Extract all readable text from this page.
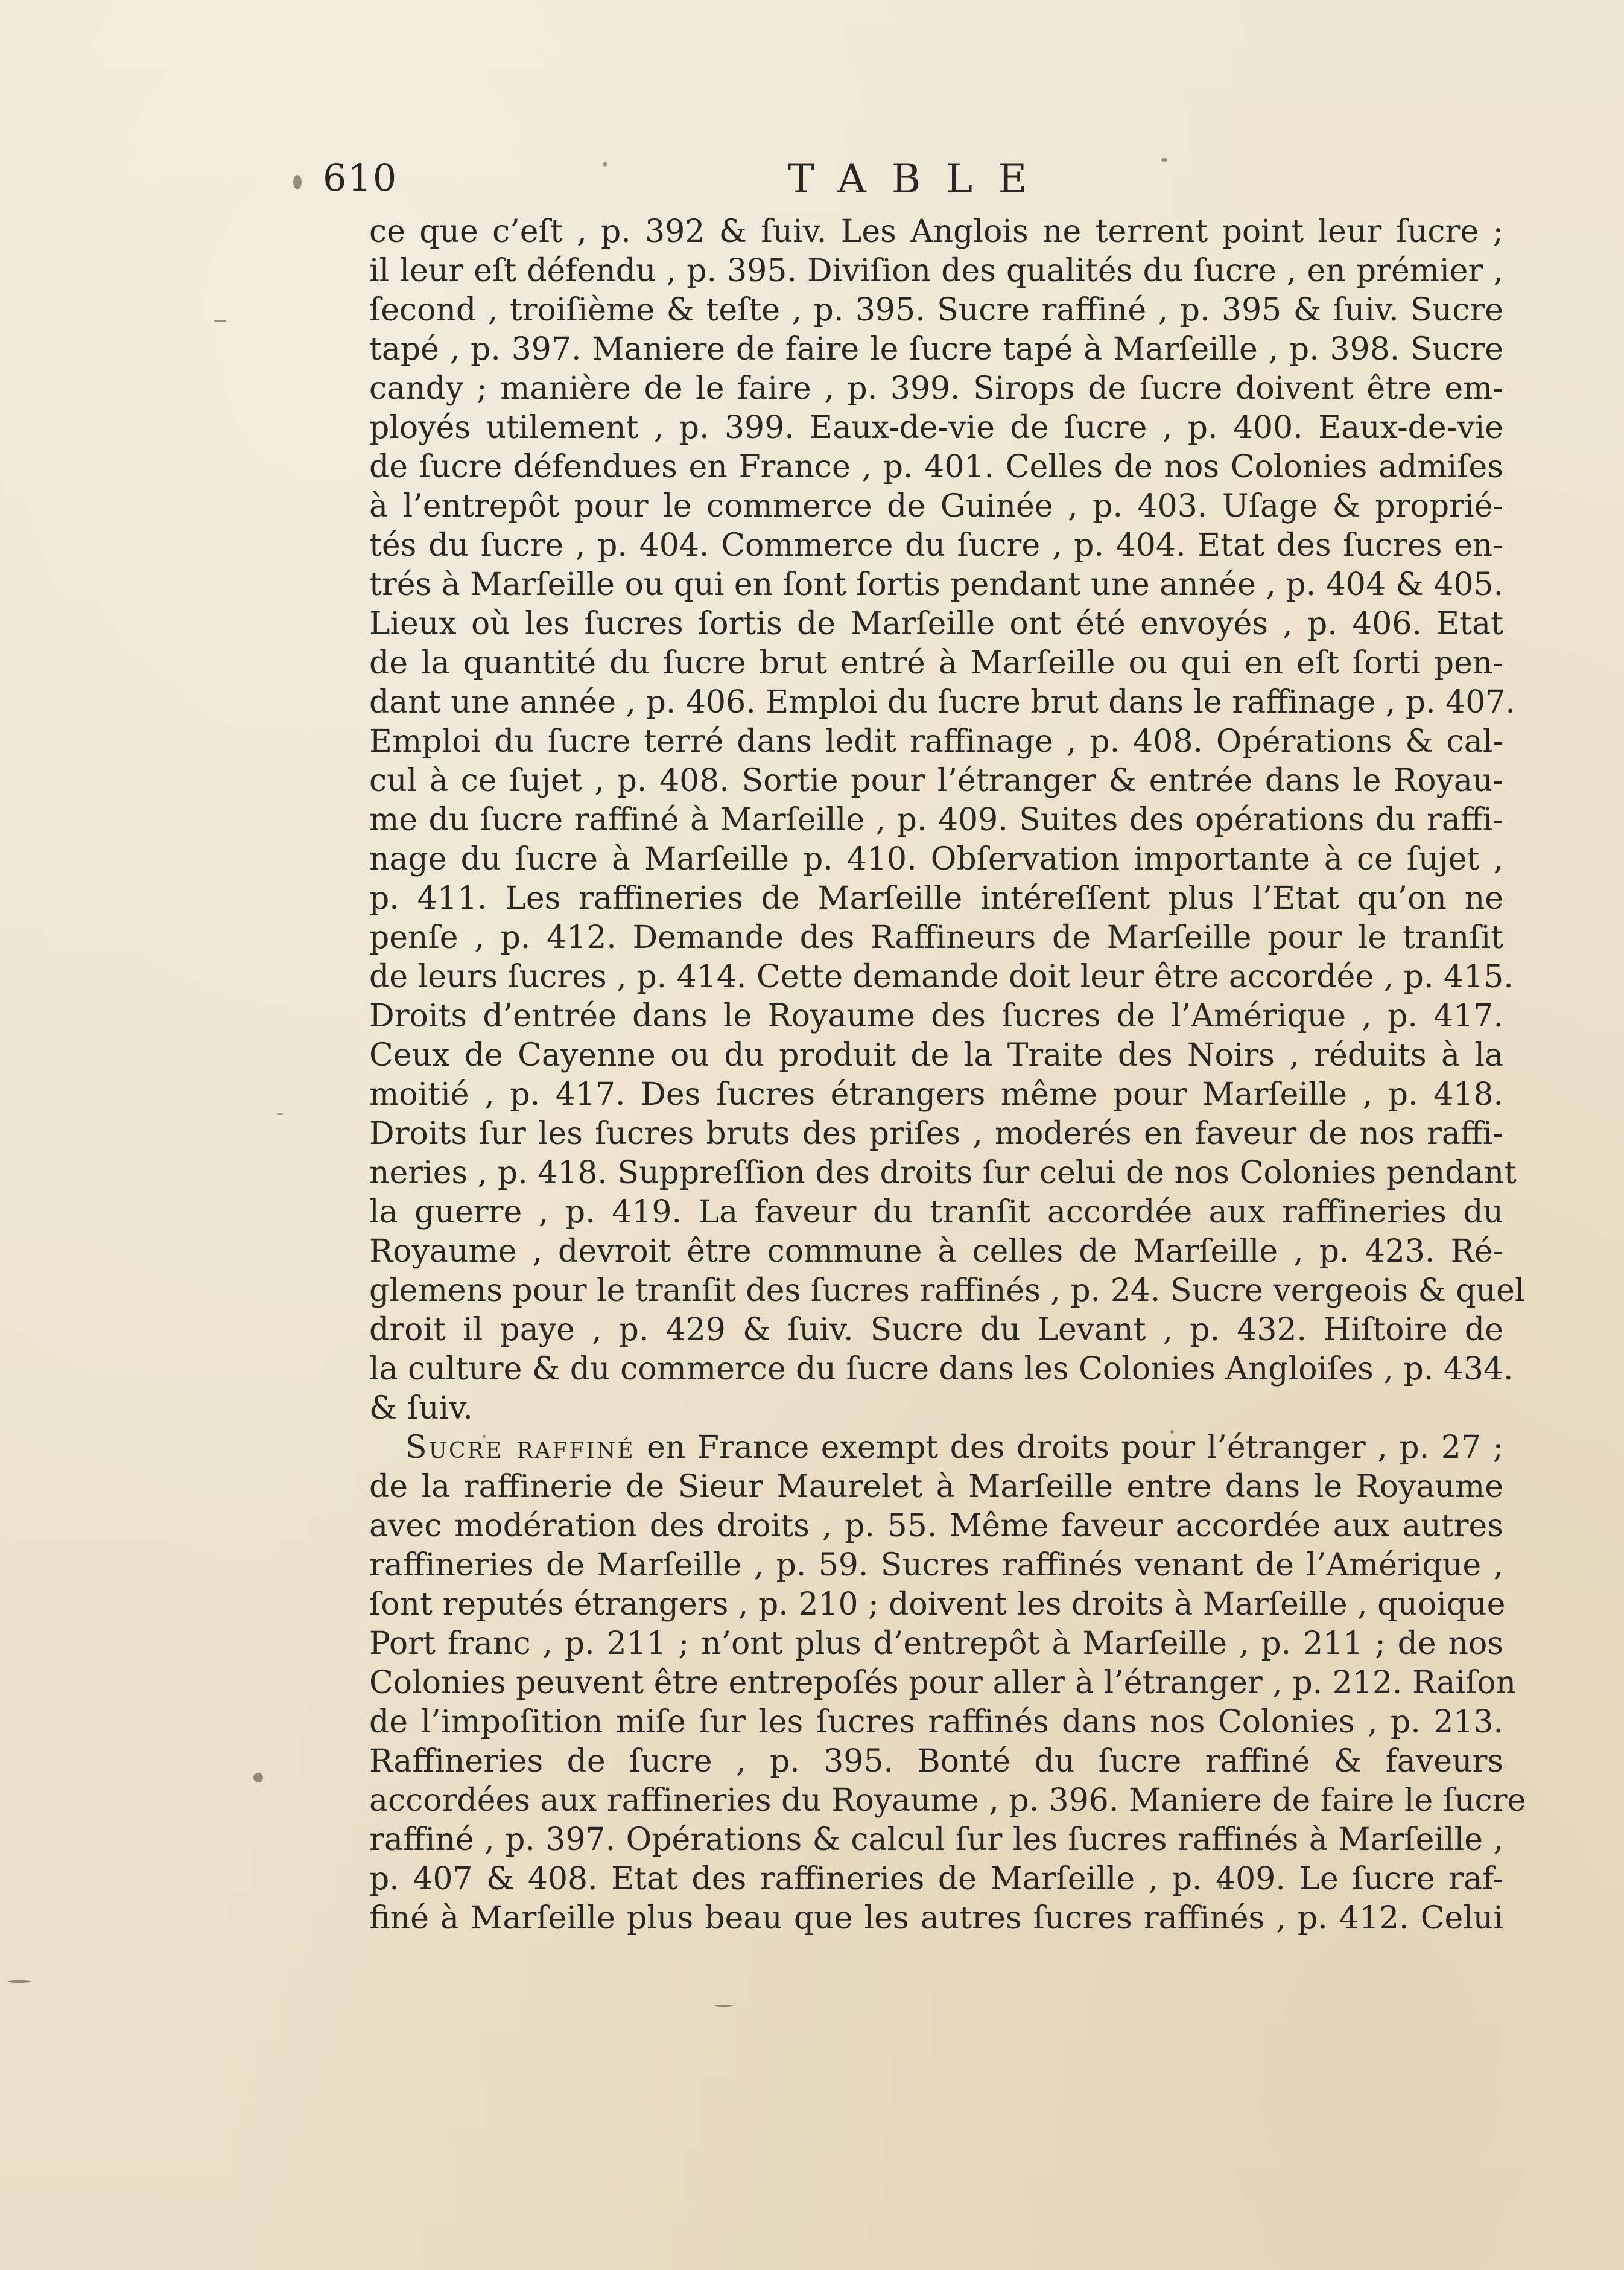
610	TABLE
ce que c’eſt , p. 392 & ſuiv. Les Anglois ne terrent point leur ſucre ;
il leur eſt défendu , p. 395. Diviſion des qualités du ſucre , en prémier ,
ſecond , troiſième & teſte , p. 395. Sucre raffiné , p. 395 & ſuiv. Sucre
tapé , p. 397. Maniere de faire le ſucre tapé à Marſeille , p. 398. Sucre
candy ; manière de le faire , p. 399. Sirops de ſucre doivent être em-
ployés utilement , p. 399. Eaux-de-vie de ſucre , p. 400. Eaux-de-vie
de ſucre défendues en France , p. 401. Celles de nos Colonies admiſes
à l’entrepôt pour le commerce de Guinée , p. 403. Uſage & proprié-
tés du ſucre , p. 404. Commerce du ſucre , p. 404. Etat des ſucres en-
trés à Marſeille ou qui en ſont ſortis pendant une année , p. 404 & 405.
Lieux où les ſucres ſortis de Marſeille ont été envoyés , p. 406. Etat
de la quantité du ſucre brut entré à Marſeille ou qui en eſt ſorti pen-
dant une année , p. 406. Emploi du ſucre brut dans le raffinage , p. 407.
Emploi du ſucre terré dans ledit raffinage , p. 408. Opérations & cal-
cul à ce ſujet , p. 408. Sortie pour l’étranger & entrée dans le Royau-
me du ſucre raffiné à Marſeille , p. 409. Suites des opérations du raffi-
nage du ſucre à Marſeille p. 410. Obſervation importante à ce ſujet ,
p. 411. Les raffineries de Marſeille intéreſſent plus l’Etat qu’on ne
penſe , p. 412. Demande des Raffineurs de Marſeille pour le tranſit
de leurs ſucres , p. 414. Cette demande doit leur être accordée , p. 415.
Droits d’entrée dans le Royaume des ſucres de l’Amérique , p. 417.
Ceux de Cayenne ou du produit de la Traite des Noirs , réduits à la
moitié , p. 417. Des ſucres étrangers même pour Marſeille , p. 418.
Droits ſur les ſucres bruts des priſes , moderés en faveur de nos raffi-
neries , p. 418. Suppreſſion des droits ſur celui de nos Colonies pendant
la guerre , p. 419. La faveur du tranſit accordée aux raffineries du
Royaume , devroit être commune à celles de Marſeille , p. 423. Ré-
glemens pour le tranſit des ſucres raffinés , p. 24. Sucre vergeois & quel
droit il paye , p. 429 & ſuiv. Sucre du Levant , p. 432. Hiſtoire de
la culture & du commerce du ſucre dans les Colonies Angloiſes , p. 434.
& ſuiv.
Sucre raffiné en France exempt des droits pour l’étranger , p. 27 ;
de la raffinerie de Sieur Maurelet à Marſeille entre dans le Royaume
avec modération des droits , p. 55. Même faveur accordée aux autres
raffineries de Marſeille , p. 59. Sucres raffinés venant de l’Amérique ,
ſont reputés étrangers , p. 210 ; doivent les droits à Marſeille , quoique
Port franc , p. 211 ; n’ont plus d’entrepôt à Marſeille , p. 211 ; de nos
Colonies peuvent être entrepoſés pour aller à l’étranger , p. 212. Raiſon
de l’impoſition miſe ſur les ſucres raffinés dans nos Colonies , p. 213.
Raffineries de ſucre , p. 395. Bonté du ſucre raffiné & faveurs
accordées aux raffineries du Royaume , p. 396. Maniere de faire le ſucre
raffiné , p. 397. Opérations & calcul ſur les ſucres raffinés à Marſeille ,
p. 407 & 408. Etat des raffineries de Marſeille , p. 409. Le ſucre raf-
finé à Marſeille plus beau que les autres ſucres raffinés , p. 412. Celui
